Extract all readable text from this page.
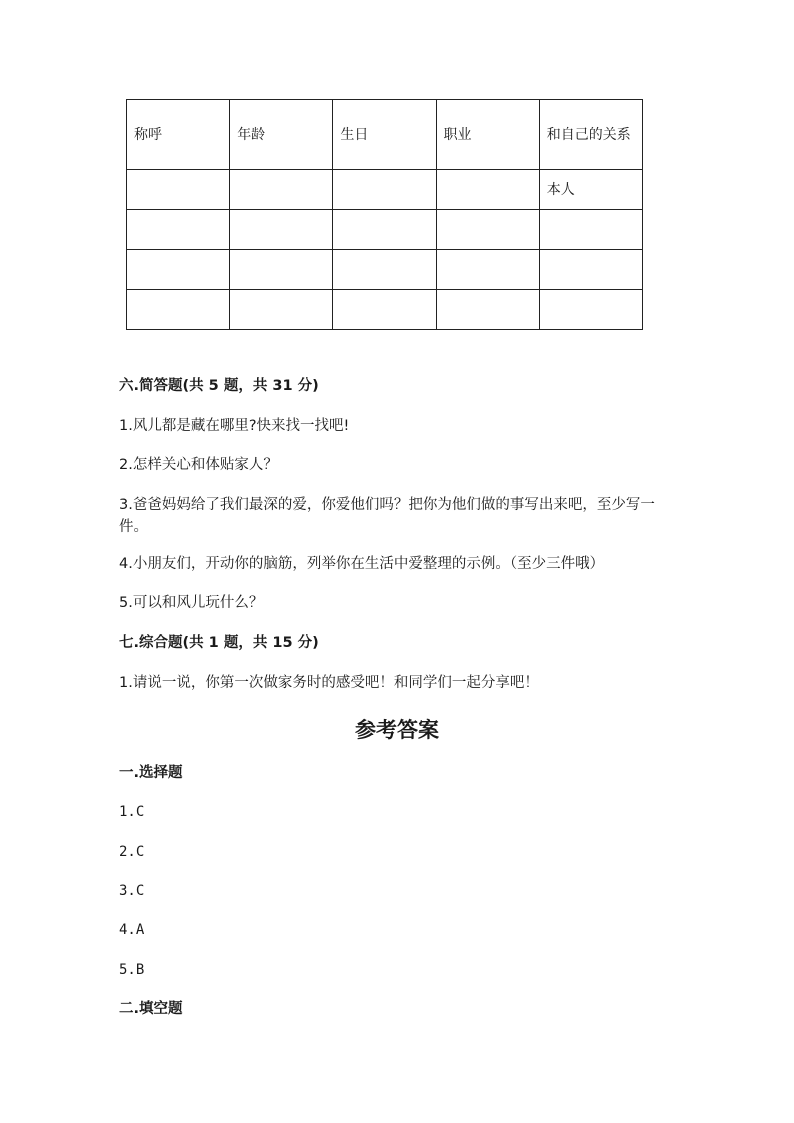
称呼	年龄	生日	职业	和自己的关系
				本人

六.简答题(共 5 题，共 31 分)
1.风儿都是藏在哪里?快来找一找吧!
2.怎样关心和体贴家人？
3.爸爸妈妈给了我们最深的爱，你爱他们吗？把你为他们做的事写出来吧，至少写一件。
4.小朋友们，开动你的脑筋，列举你在生活中爱整理的示例。（至少三件哦）
5.可以和风儿玩什么？
七.综合题(共 1 题，共 15 分)
1.请说一说，你第一次做家务时的感受吧！和同学们一起分享吧！
参考答案
一.选择题
1.C
2.C
3.C
4.A
5.B
二.填空题
